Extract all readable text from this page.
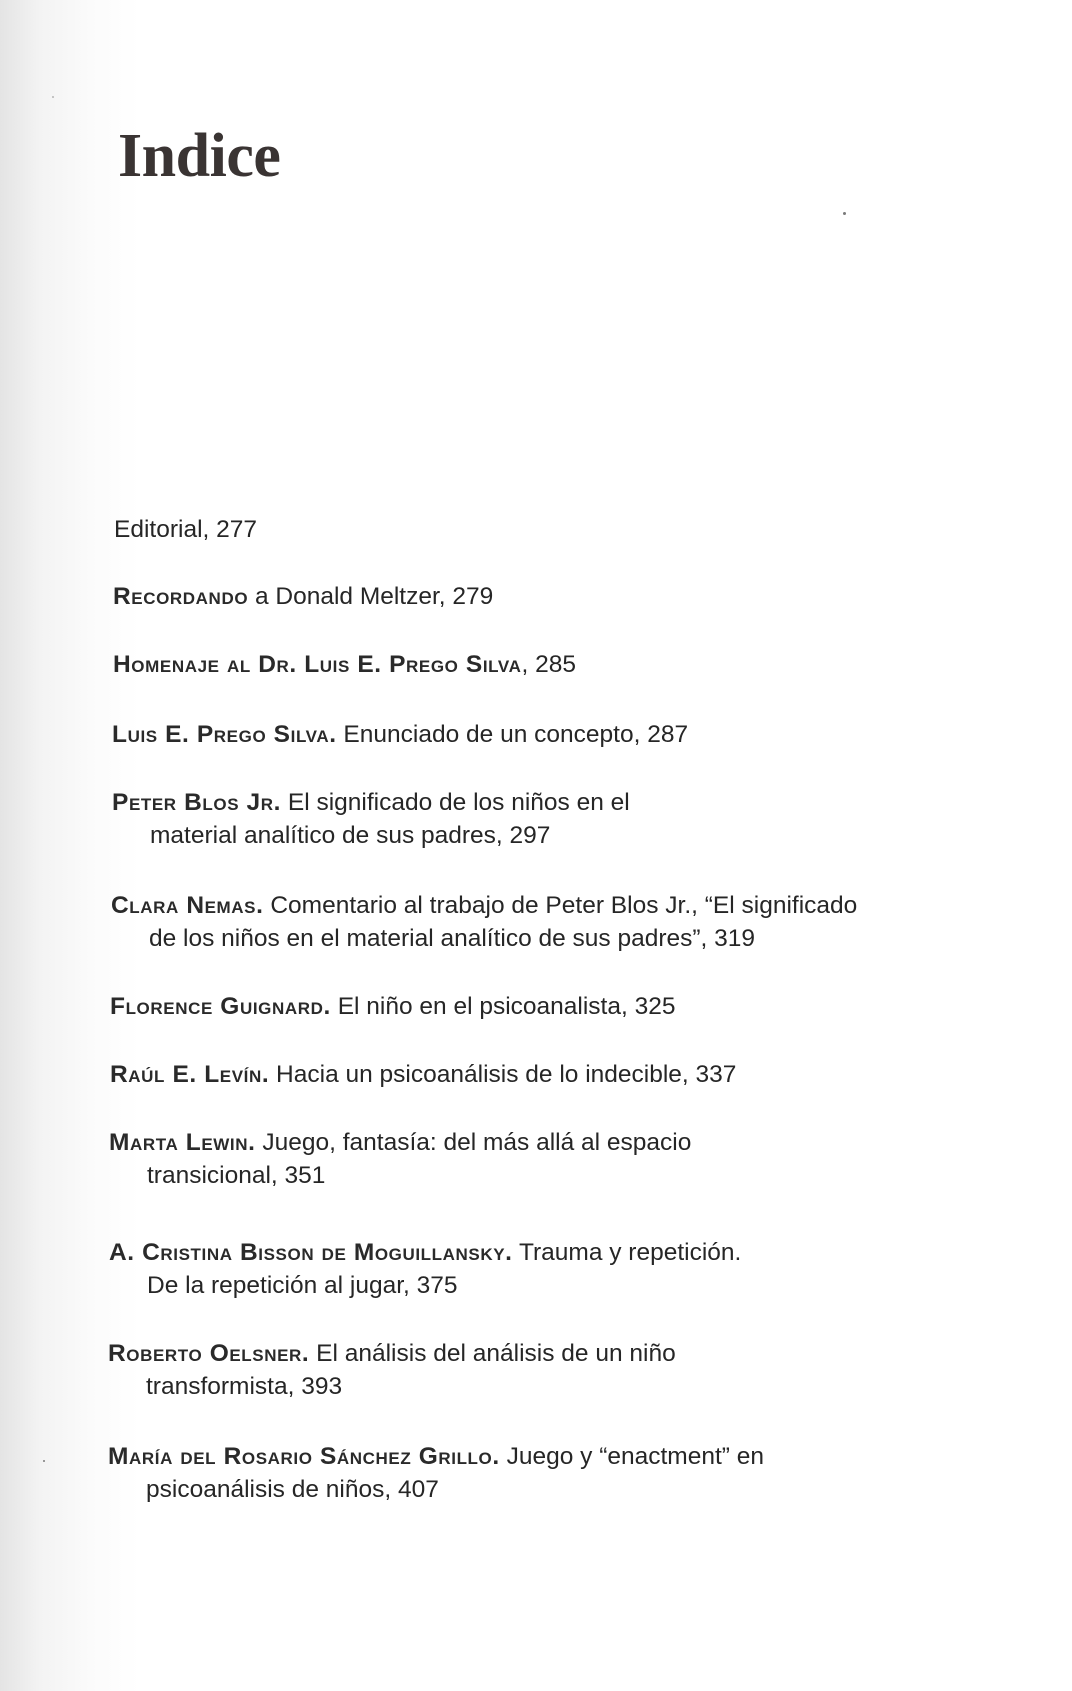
Indice
Editorial, 277
Recordando a Donald Meltzer, 279
Homenaje al Dr. Luis E. Prego Silva, 285
Luis E. Prego Silva. Enunciado de un concepto, 287
Peter Blos Jr. El significado de los niños en el
material analítico de sus padres, 297
Clara Nemas. Comentario al trabajo de Peter Blos Jr., “El significado
de los niños en el material analítico de sus padres”, 319
Florence Guignard. El niño en el psicoanalista, 325
Raúl E. Levín. Hacia un psicoanálisis de lo indecible, 337
Marta Lewin. Juego, fantasía: del más allá al espacio
transicional, 351
A. Cristina Bisson de Moguillansky. Trauma y repetición.
De la repetición al jugar, 375
Roberto Oelsner. El análisis del análisis de un niño
transformista, 393
María del Rosario Sánchez Grillo. Juego y “enactment” en
psicoanálisis de niños, 407
